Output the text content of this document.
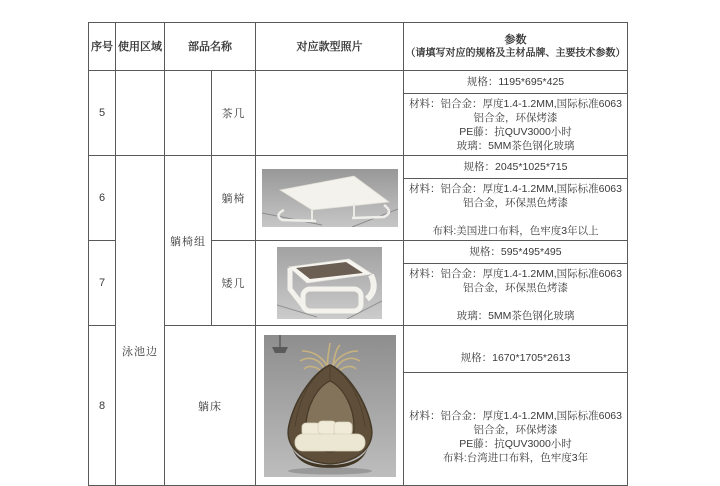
序号	使用区域	部品名称		对应款型照片	参数
（请填写对应的规格及主材品牌、主要技术参数）

5			茶几		规格：1195*695*425
材料：铝合金：厚度1.4-1.2MM,国际标准6063铝合金，环保烤漆
PE藤：抗QUV3000小时
玻璃：5MM茶色钢化玻璃

6	泳池边	躺椅组	躺椅		规格：2045*1025*715
材料：铝合金：厚度1.4-1.2MM,国际标准6063铝合金，环保黑色烤漆
布料:美国进口布料，色牢度3年以上

7			矮几		规格：595*495*495
材料：铝合金：厚度1.4-1.2MM,国际标准6063铝合金，环保黑色烤漆
玻璃：5MM茶色钢化玻璃

8		躺床			规格：1670*1705*2613
材料：铝合金：厚度1.4-1.2MM,国际标准6063铝合金，环保烤漆
PE藤：抗QUV3000小时
布料:台湾进口布料，色牢度3年
